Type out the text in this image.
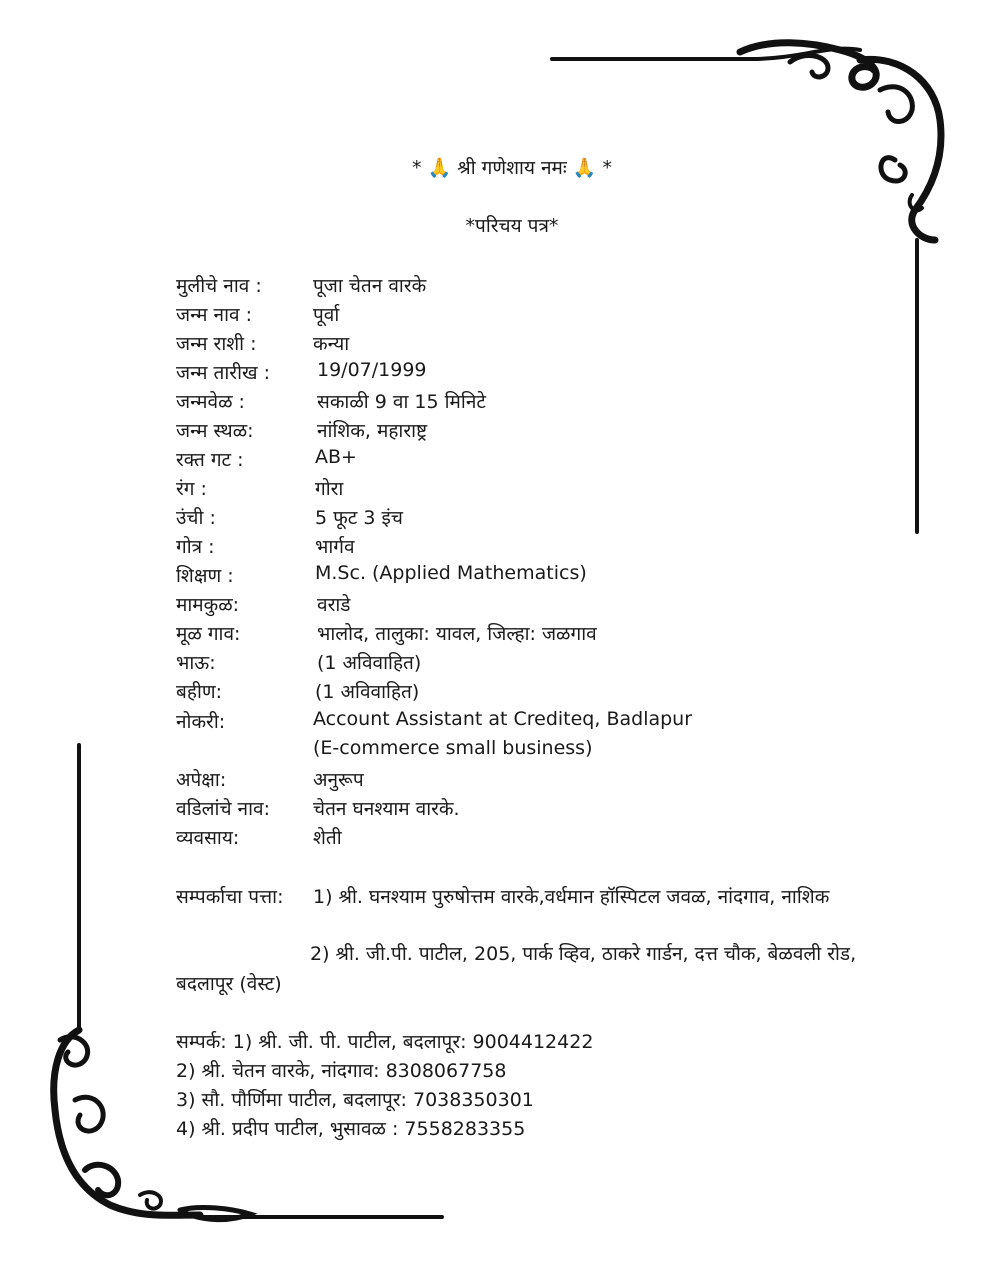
* 🙏 श्री गणेशाय नमः 🙏 *
*परिचय पत्र*
मुलीचे नाव :	पूजा चेतन वारके
जन्म नाव :	पूर्वा
जन्म राशी :	कन्या
जन्म तारीख : 19/07/1999
जन्मवेळ :	सकाळी 9 वा 15 मिनिटे
जन्म स्थळ:	नांशिक, महाराष्ट्र
रक्त गट :	AB+
रंग :	गोरा
उंची :	5 फूट 3 इंच
गोत्र :	भार्गव
शिक्षण :	M.Sc. (Applied Mathematics)
मामकुळ:	वराडे
मूळ गाव:	भालोद, तालुका: यावल, जिल्हा: जळगाव
भाऊ:	(1 अविवाहित)
बहीण:	(1 अविवाहित)
नोकरी:	Account Assistant at Crediteq, Badlapur
(E-commerce small business)
अपेक्षा:	अनुरूप
वडिलांचे नाव: चेतन घनश्याम वारके.
व्यवसाय:	शेती
सम्पर्काचा पत्ता: 1) श्री. घनश्याम पुरुषोत्तम वारके,वर्धमान हॉस्पिटल जवळ, नांदगाव, नाशिक
2) श्री. जी.पी. पाटील, 205, पार्क व्हिव, ठाकरे गार्डन, दत्त चौक, बेळवली रोड,
बदलापूर (वेस्ट)
सम्पर्क: 1) श्री. जी. पी. पाटील, बदलापूर: 9004412422
2) श्री. चेतन वारके, नांदगाव: 8308067758
3) सौ. पौर्णिमा पाटील, बदलापूर: 7038350301
4) श्री. प्रदीप पाटील, भुसावळ : 7558283355
